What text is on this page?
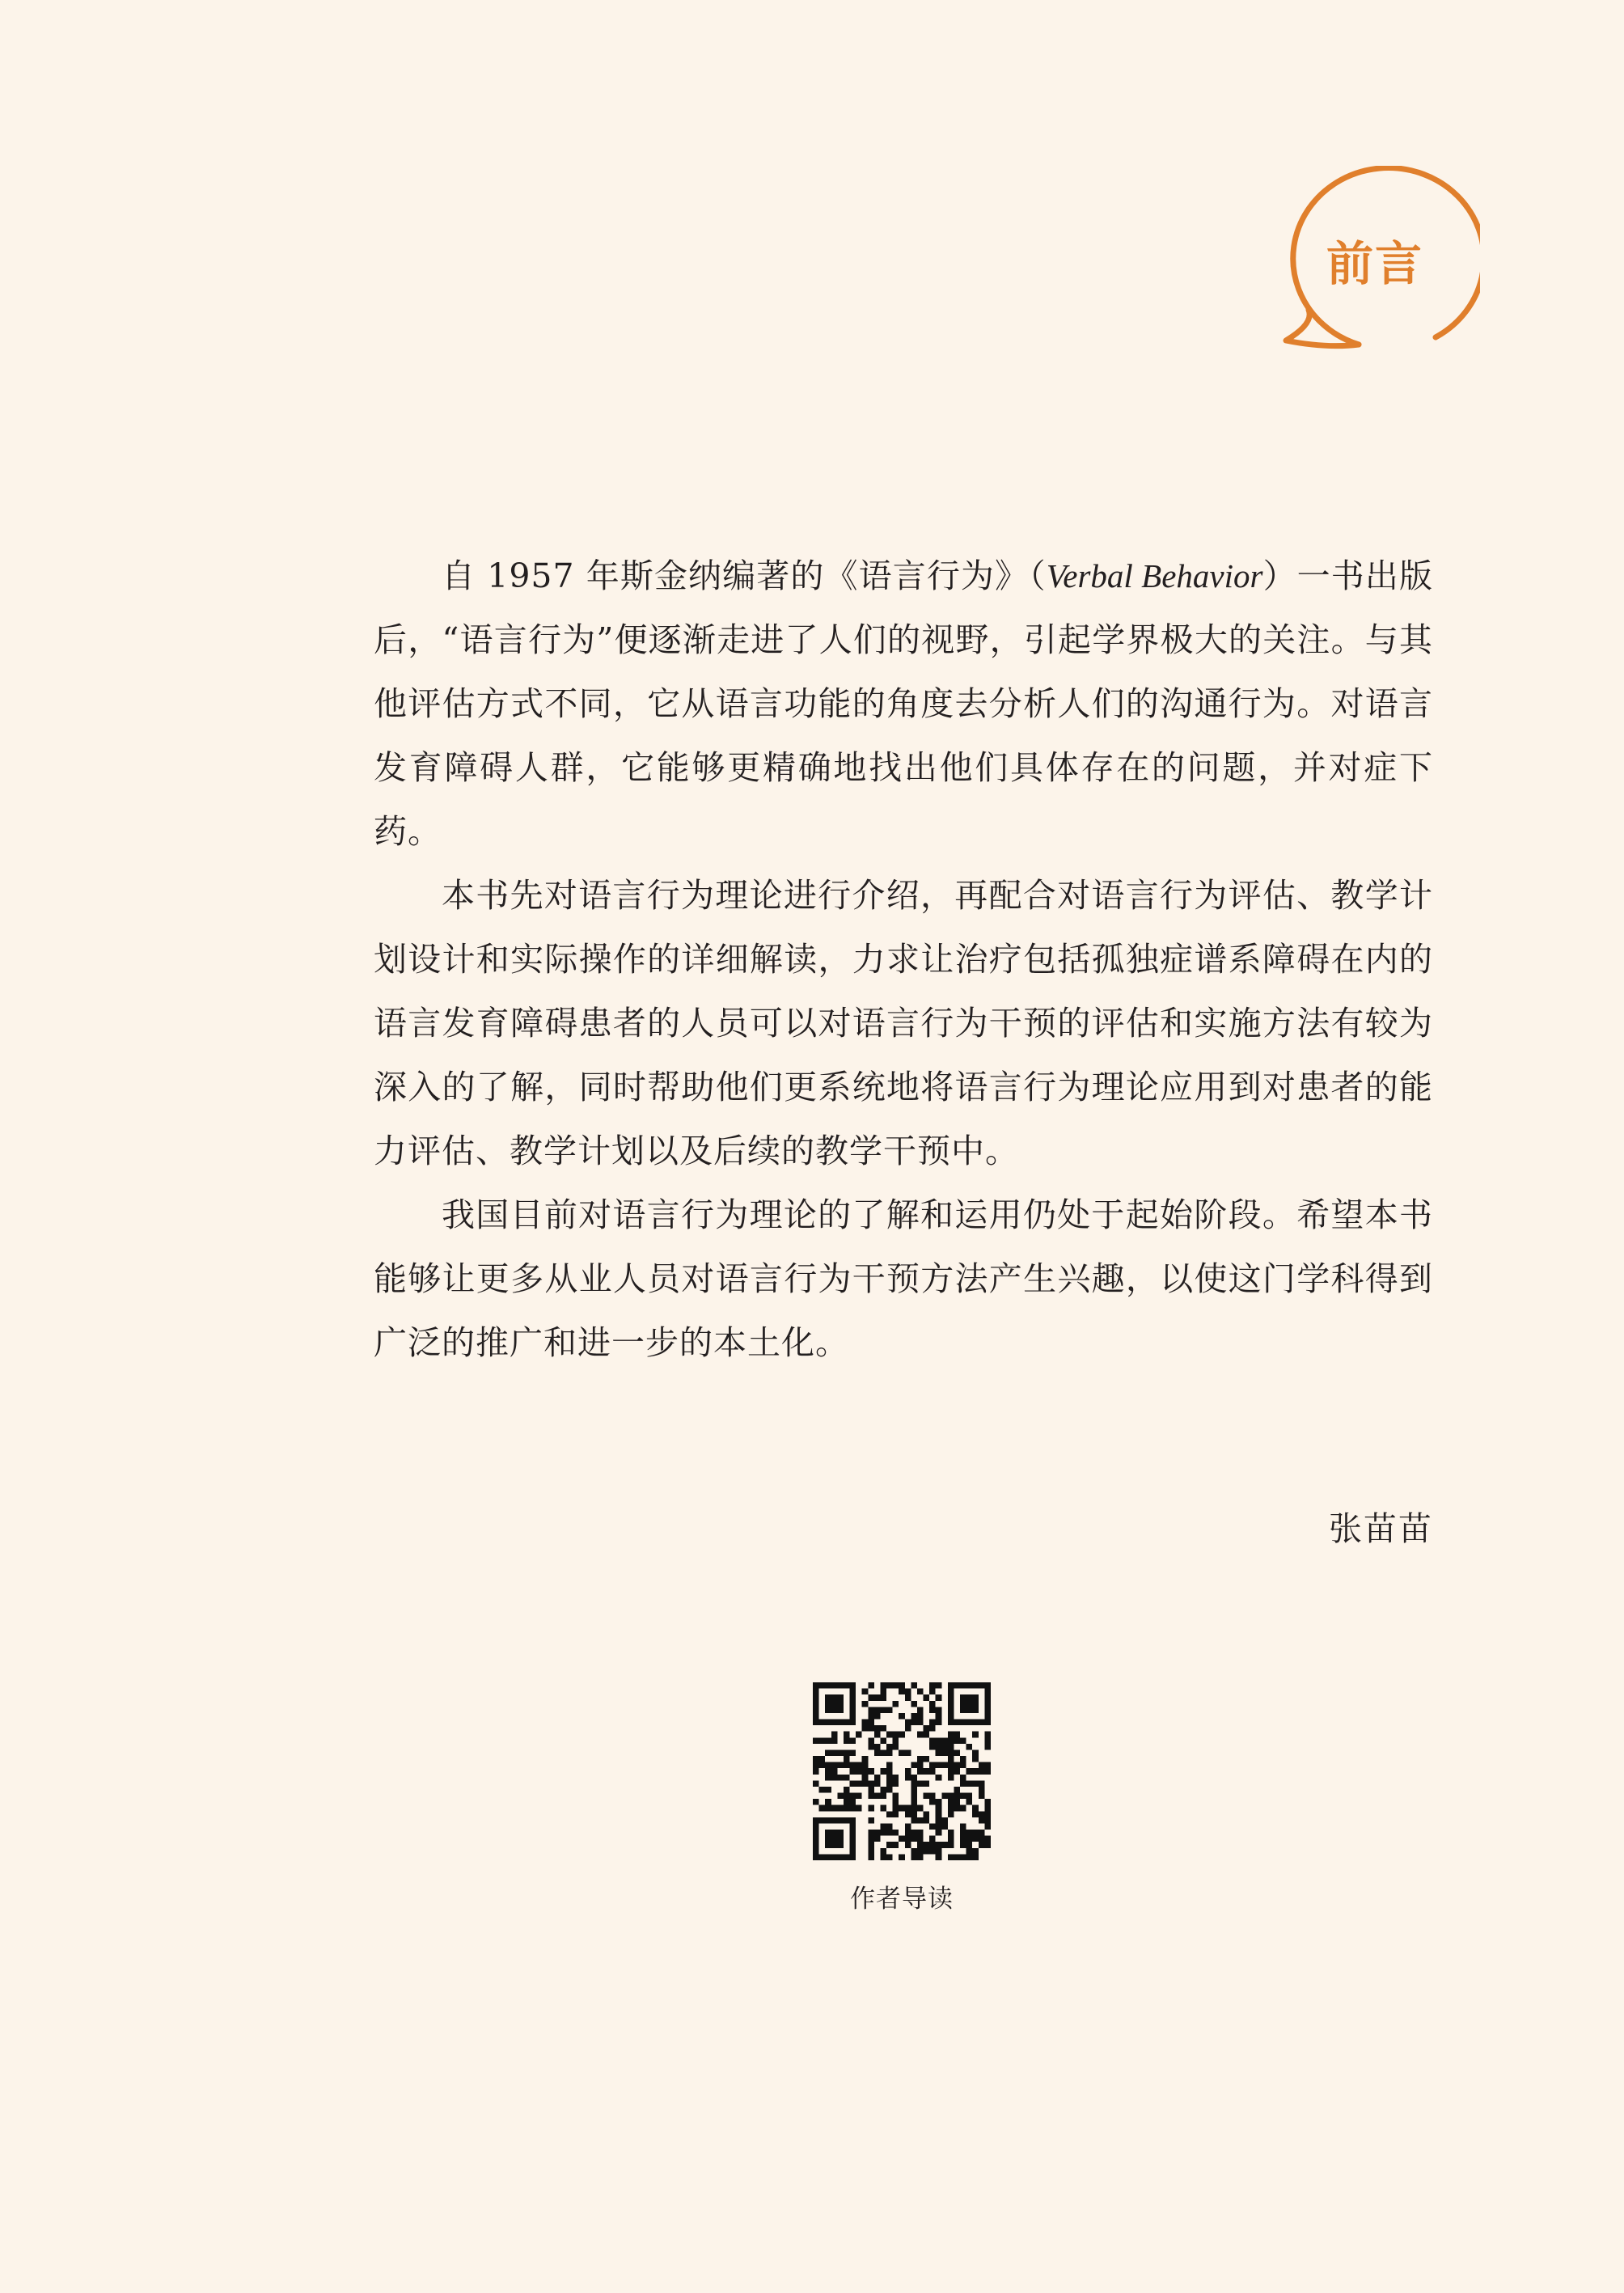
前言

自 1957 年斯金纳编著的《语言行为》（Verbal Behavior）一书出版后，“语言行为”便逐渐走进了人们的视野，引起学界极大的关注。与其他评估方式不同，它从语言功能的角度去分析人们的沟通行为。对语言发育障碍人群，它能够更精确地找出他们具体存在的问题，并对症下药。

本书先对语言行为理论进行介绍，再配合对语言行为评估、教学计划设计和实际操作的详细解读，力求让治疗包括孤独症谱系障碍在内的语言发育障碍患者的人员可以对语言行为干预的评估和实施方法有较为深入的了解，同时帮助他们更系统地将语言行为理论应用到对患者的能力评估、教学计划以及后续的教学干预中。

我国目前对语言行为理论的了解和运用仍处于起始阶段。希望本书能够让更多从业人员对语言行为干预方法产生兴趣，以使这门学科得到广泛的推广和进一步的本土化。

张苗苗
作者导读
